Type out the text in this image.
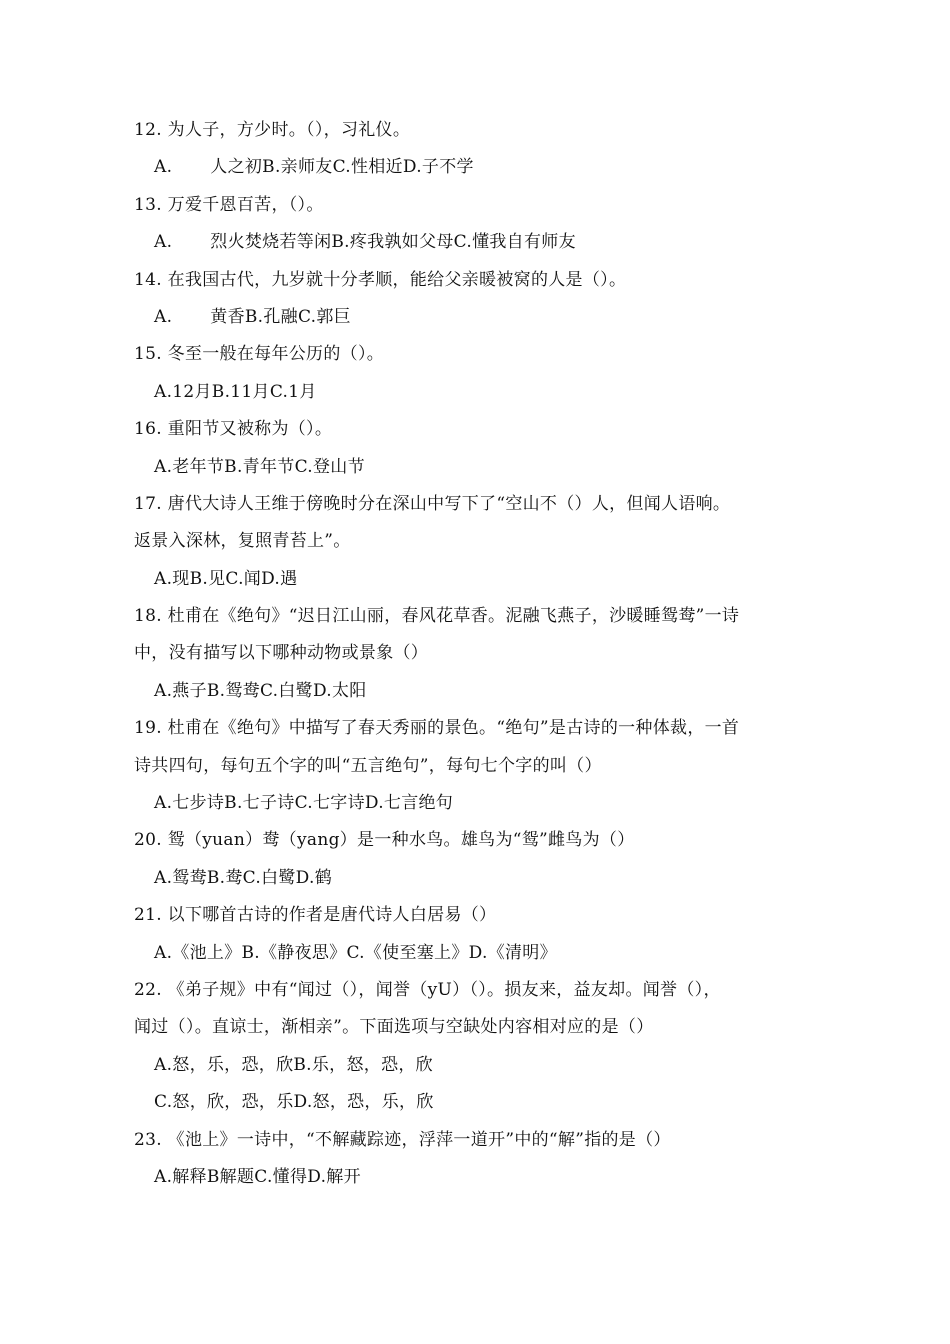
12. 为人子，方少时。（），习礼仪。
A. 人之初B.亲师友C.性相近D.子不学
13. 万爱千恩百苦，（）。
A. 烈火焚烧若等闲B.疼我孰如父母C.懂我自有师友
14. 在我国古代，九岁就十分孝顺，能给父亲暖被窝的人是（）。
A. 黄香B.孔融C.郭巨
15. 冬至一般在每年公历的（）。
A.12月B.11月C.1月
16. 重阳节又被称为（）。
A.老年节B.青年节C.登山节
17. 唐代大诗人王维于傍晚时分在深山中写下了“空山不（）人，但闻人语响。
返景入深林，复照青苔上”。
A.现B.见C.闻D.遇
18. 杜甫在《绝句》“迟日江山丽，春风花草香。泥融飞燕子，沙暖睡鸳鸯”一诗
中，没有描写以下哪种动物或景象（）
A.燕子B.鸳鸯C.白鹭D.太阳
19. 杜甫在《绝句》中描写了春天秀丽的景色。“绝句”是古诗的一种体裁，一首
诗共四句，每句五个字的叫“五言绝句”，每句七个字的叫（）
A.七步诗B.七子诗C.七字诗D.七言绝句
20. 鸳（yuan）鸯（yang）是一种水鸟。雄鸟为“鸳”雌鸟为（）
A.鸳鸯B.鸯C.白鹭D.鹤
21. 以下哪首古诗的作者是唐代诗人白居易（）
A.《池上》B.《静夜思》C.《使至塞上》D.《清明》
22. 《弟子规》中有“闻过（），闻誉（yU）（）。损友来，益友却。闻誉（），
闻过（）。直谅士，渐相亲”。下面选项与空缺处内容相对应的是（）
A.怒，乐，恐，欣B.乐，怒，恐，欣
C.怒，欣，恐，乐D.怒，恐，乐，欣
23. 《池上》一诗中，“不解藏踪迹，浮萍一道开”中的“解”指的是（）
A.解释B解题C.懂得D.解开
